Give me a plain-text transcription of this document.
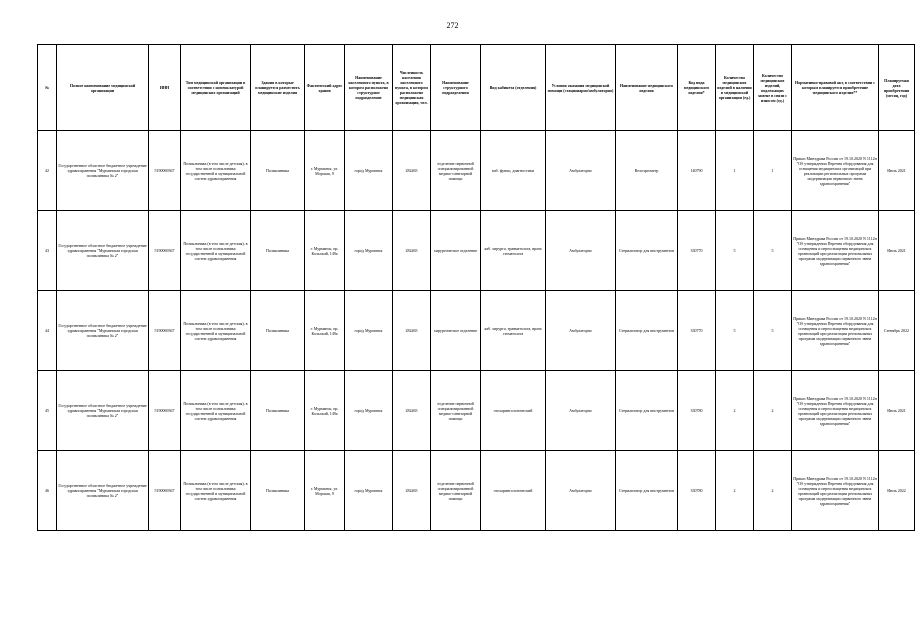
272
№	Полное наименование медицинской организации	ИНН	Тип медицинской организации в соответствии с номенклатурой медицинских организаций	Здания в которые планируется разместить медицинские изделия	Фактический адрес здания	Наименование населенного пункта, в котором расположено структурное подразделение	Численность населения населенного пункта, в котором расположено медицинская организация, чел.	Наименование структурного подразделения	Вид кабинета (отделения)	Условия оказания медицинской помощи (стационарно/амбулаторно)	Наименование медицинского изделия	Код вида медицинского изделия*	Количество медицинских изделий в наличии в медицинской организации (ед.)	Количество медицинских изделий, подлежащих замене в связи с износом (ед.)	Нормативно-правовой акт, в соответствии с которым планируется приобретение медицинского изделия**	Планируемая дата приобретения (месяц, год)
42	Государственное областное бюджетное учреждение здравоохранения "Мурманская городская поликлиника № 2"	5190069367	Поликлиника (в том числе детская), в том числе поликлиника государственной и муниципальной систем здравоохранения	Поликлиника	г. Мурманск, ул. Морская, 9	город Мурманск	282465	отделение первичной специализированной медико-санитарной помощи	каб. функц. диагностики	Амбулаторно	Велоэргометр	140790	1	1	Приказ Минздрава России от 19.10.2020 N 1112н "Об утверждении Перечня оборудования для оснащения медицинских организаций при реализации региональных программ модернизации первичного звена здравоохранения"	Июль 2021
43	Государственное областное бюджетное учреждение здравоохранения "Мурманская городская поликлиника № 2"	5190069367	Поликлиника (в том числе детская), в том числе поликлиника государственной и муниципальной систем здравоохранения	Поликлиника	г. Мурманск, пр. Кольский, 149а	город Мурманск	282465	хирургическое отделение	каб. хирурга, травматолога, врача стоматолога	Амбулаторно	Стерилизатор для инструментов	330770	5	5	Приказ Минздрава России от 19.10.2020 N 1112н "Об утверждении Перечня оборудования для оснащения и переоснащения медицинских организаций при реализации региональных программ модернизации первичного звена здравоохранения"	Июль 2021
44	Государственное областное бюджетное учреждение здравоохранения "Мурманская городская поликлиника № 2"	5190069367	Поликлиника (в том числе детская), в том числе поликлиника государственной и муниципальной систем здравоохранения	Поликлиника	г. Мурманск, пр. Кольский, 149а	город Мурманск	282465	хирургическое отделение	каб. хирурга, травматолога, врача стоматолога	Амбулаторно	Стерилизатор для инструментов	330770	5	5	Приказ Минздрава России от 19.10.2020 N 1112н "Об утверждении Перечня оборудования для оснащения и переоснащения медицинских организаций при реализации региональных программ модернизации первичного звена здравоохранения"	Сентябрь 2022
45	Государственное областное бюджетное учреждение здравоохранения "Мурманская городская поликлиника № 2"	5190069367	Поликлиника (в том числе детская), в том числе поликлиника государственной и муниципальной систем здравоохранения	Поликлиника	г. Мурманск, пр. Кольский, 149а	город Мурманск	282465	отделение первичной специализированной медико-санитарной помощи	отоларингологический	Амбулаторно	Стерилизатор для инструментов	330780	2	2	Приказ Минздрава России от 19.10.2020 N 1112н "Об утверждении Перечня оборудования для оснащения и переоснащения медицинских организаций при реализации региональных программ модернизации первичного звена здравоохранения"	Июль 2021
46	Государственное областное бюджетное учреждение здравоохранения "Мурманская городская поликлиника № 2"	5190069367	Поликлиника (в том числе детская), в том числе поликлиника государственной и муниципальной систем здравоохранения	Поликлиника	г. Мурманск, ул. Морская, 9	город Мурманск	282465	отделение первичной специализированной медико-санитарной помощи	отоларингологический	Амбулаторно	Стерилизатор для инструментов	330780	2	2	Приказ Минздрава России от 19.10.2020 N 1112н "Об утверждении Перечня оборудования для оснащения и переоснащения медицинских организаций при реализации региональных программ модернизации первичного звена здравоохранения"	Июль 2022
